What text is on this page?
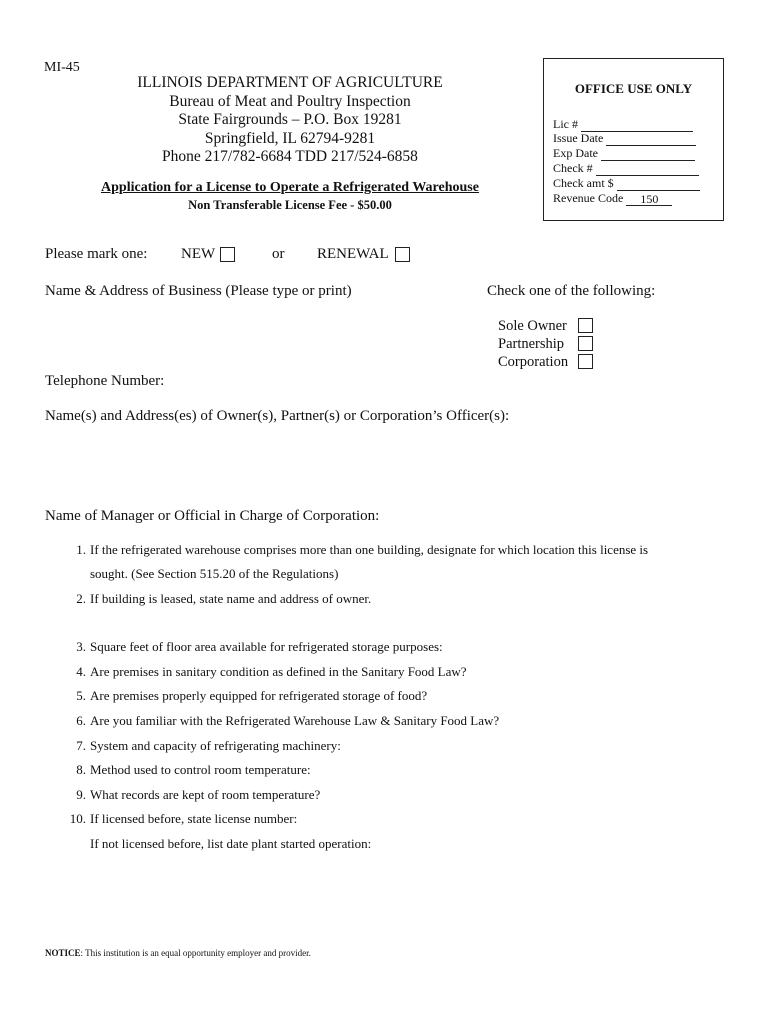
MI-45
ILLINOIS DEPARTMENT OF AGRICULTURE
Bureau of Meat and Poultry Inspection
State Fairgrounds – P.O. Box 19281
Springfield, IL 62794-9281
Phone 217/782-6684 TDD 217/524-6858
Application for a License to Operate a Refrigerated Warehouse
Non Transferable License Fee - $50.00
OFFICE USE ONLY
Lic #
Issue Date
Exp Date
Check #
Check amt $
Revenue Code	150
Please mark one: NEW	or RENEWAL
Name & Address of Business (Please type or print)	Check one of the following:
Sole Owner
Partnership
Corporation
Telephone Number:
Name(s) and Address(es) of Owner(s), Partner(s) or Corporation’s Officer(s):
Name of Manager or Official in Charge of Corporation:
1. If the refrigerated warehouse comprises more than one building, designate for which location this license is
sought. (See Section 515.20 of the Regulations)
2. If building is leased, state name and address of owner.
3. Square feet of floor area available for refrigerated storage purposes:
4. Are premises in sanitary condition as defined in the Sanitary Food Law?
5. Are premises properly equipped for refrigerated storage of food?
6. Are you familiar with the Refrigerated Warehouse Law & Sanitary Food Law?
7. System and capacity of refrigerating machinery:
8. Method used to control room temperature:
9. What records are kept of room temperature?
10. If licensed before, state license number:
If not licensed before, list date plant started operation:
NOTICE: This institution is an equal opportunity employer and provider.
